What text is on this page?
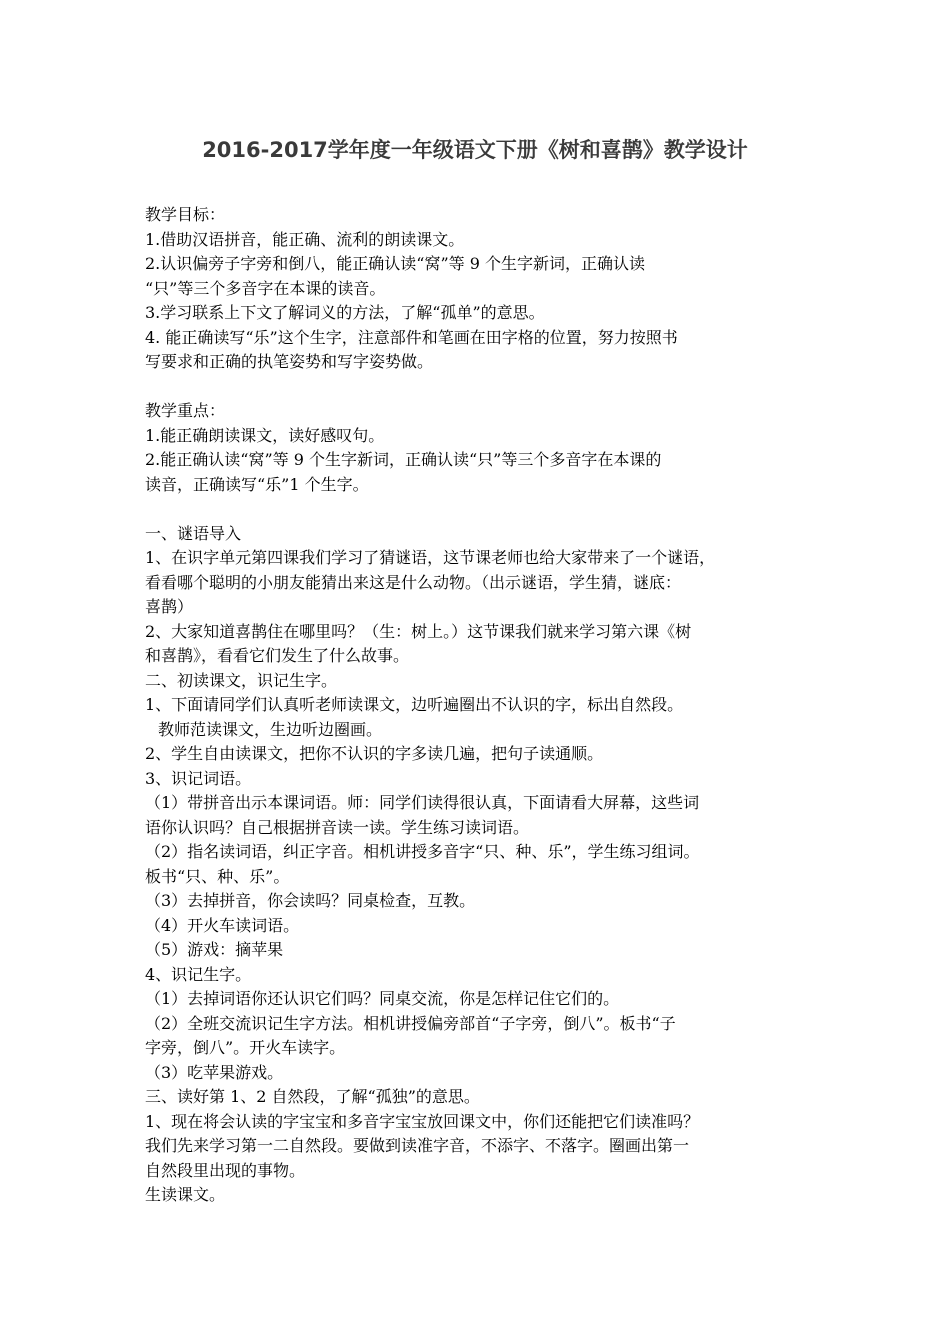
2016-2017学年度一年级语文下册《树和喜鹊》教学设计
教学目标：
1.借助汉语拼音，能正确、流利的朗读课文。
2.认识偏旁子字旁和倒八，能正确认读“窝”等 9 个生字新词，正确认读
“只”等三个多音字在本课的读音。
3.学习联系上下文了解词义的方法，了解“孤单”的意思。
4. 能正确读写“乐”这个生字，注意部件和笔画在田字格的位置，努力按照书
写要求和正确的执笔姿势和写字姿势做。
教学重点：
1.能正确朗读课文，读好感叹句。
2.能正确认读“窝”等 9 个生字新词，正确认读“只”等三个多音字在本课的
读音，正确读写“乐”1 个生字。
一、谜语导入
1、在识字单元第四课我们学习了猜谜语，这节课老师也给大家带来了一个谜语，
看看哪个聪明的小朋友能猜出来这是什么动物。（出示谜语，学生猜，谜底：
喜鹊）
2、大家知道喜鹊住在哪里吗？（生：树上。）这节课我们就来学习第六课《树
和喜鹊》，看看它们发生了什么故事。
二、初读课文，识记生字。
1、下面请同学们认真听老师读课文，边听遍圈出不认识的字，标出自然段。
教师范读课文，生边听边圈画。
2、学生自由读课文，把你不认识的字多读几遍，把句子读通顺。
3、识记词语。
（1）带拼音出示本课词语。师：同学们读得很认真，下面请看大屏幕，这些词
语你认识吗？自己根据拼音读一读。学生练习读词语。
（2）指名读词语，纠正字音。相机讲授多音字“只、种、乐”，学生练习组词。
板书“只、种、乐”。
（3）去掉拼音，你会读吗？同桌检查，互教。
（4）开火车读词语。
（5）游戏：摘苹果
4、识记生字。
（1）去掉词语你还认识它们吗？同桌交流，你是怎样记住它们的。
（2）全班交流识记生字方法。相机讲授偏旁部首“子字旁，倒八”。板书“子
字旁，倒八”。开火车读字。
（3）吃苹果游戏。
三、读好第 1、2 自然段，了解“孤独”的意思。
1、现在将会认读的字宝宝和多音字宝宝放回课文中，你们还能把它们读准吗？
我们先来学习第一二自然段。要做到读准字音，不添字、不落字。圈画出第一
自然段里出现的事物。
生读课文。
